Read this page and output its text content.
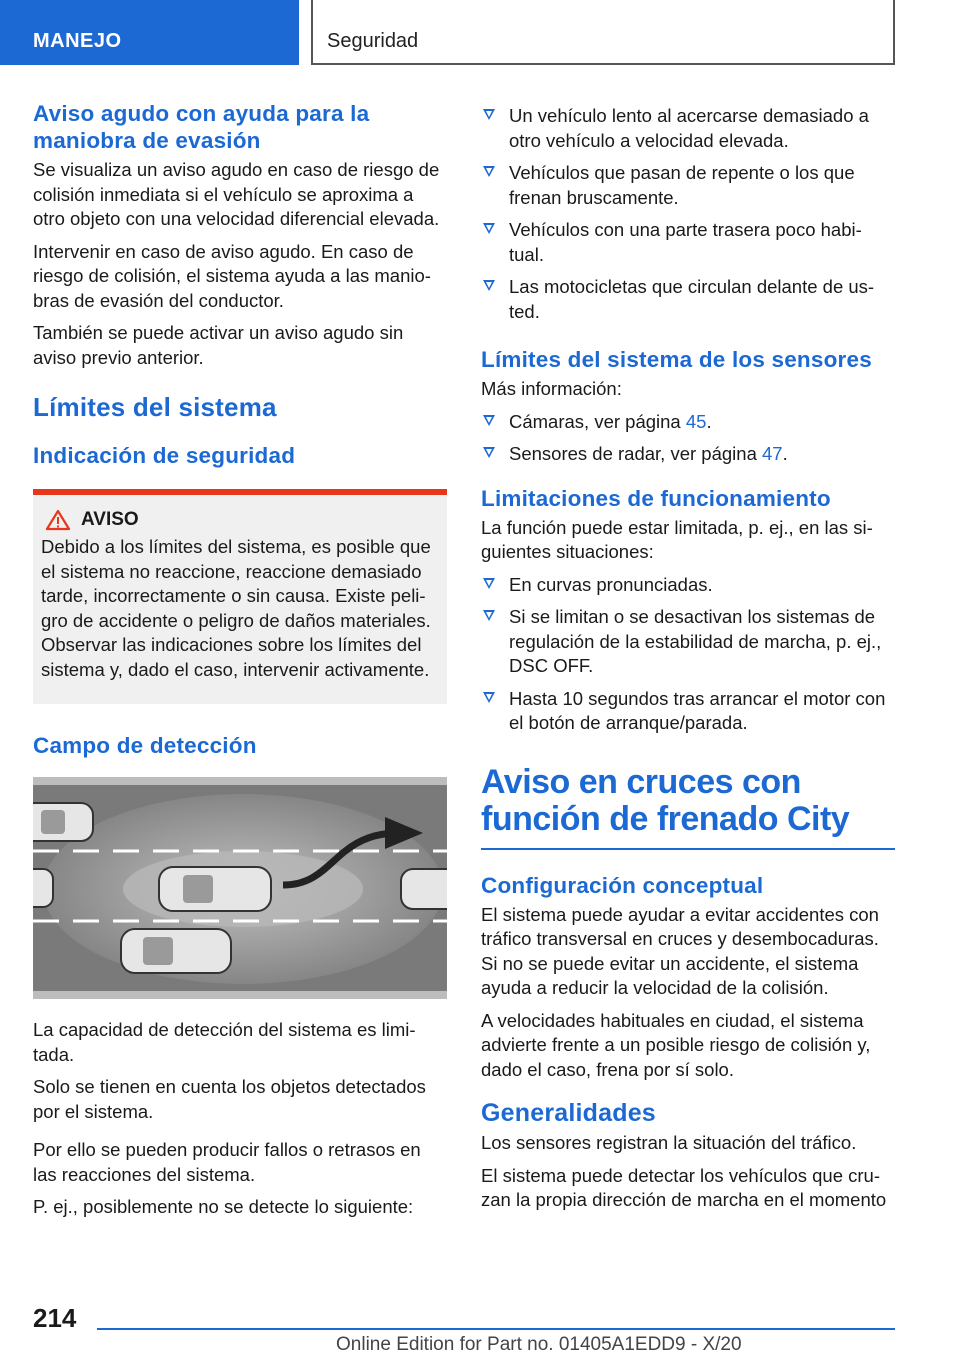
MANEJO	Seguridad
Aviso agudo con ayuda para la maniobra de evasión

Se visualiza un aviso agudo en caso de riesgo de colisión inmediata si el vehículo se aproxima a otro objeto con una velocidad diferencial elevada.

Intervenir en caso de aviso agudo. En caso de riesgo de colisión, el sistema ayuda a las manio‐ bras de evasión del conductor.

También se puede activar un aviso agudo sin aviso previo anterior.

Límites del sistema
Indicación de seguridad
AVISO

Debido a los límites del sistema, es posible que el sistema no reaccione, reaccione demasiado tarde, incorrectamente o sin causa. Existe peli‐ gro de accidente o peligro de daños materiales. Observar las indicaciones sobre los límites del sistema y, dado el caso, intervenir activamente.

Campo de detección

La capacidad de detección del sistema es limi‐ tada.

Solo se tienen en cuenta los objetos detectados por el sistema.

Por ello se pueden producir fallos o retrasos en las reacciones del sistema.

P. ej., posiblemente no se detecte lo siguiente:

Un vehículo lento al acercarse demasiado a otro vehículo a velocidad elevada.
Vehículos que pasan de repente o los que frenan bruscamente.
Vehículos con una parte trasera poco habi‐ tual.
Las motocicletas que circulan delante de us‐ ted.
Límites del sistema de los sensores

Más información:

Cámaras, ver página 45.
Sensores de radar, ver página 47.
Limitaciones de funcionamiento

La función puede estar limitada, p. ej., en las si‐ guientes situaciones:

En curvas pronunciadas.
Si se limitan o se desactivan los sistemas de regulación de la estabilidad de marcha, p. ej., DSC OFF.
Hasta 10 segundos tras arrancar el motor con el botón de arranque/parada.
Aviso en cruces con función de frenado City
Configuración conceptual

El sistema puede ayudar a evitar accidentes con tráfico transversal en cruces y desembocaduras. Si no se puede evitar un accidente, el sistema ayuda a reducir la velocidad de la colisión.

A velocidades habituales en ciudad, el sistema advierte frente a un posible riesgo de colisión y, dado el caso, frena por sí solo.

Generalidades

Los sensores registran la situación del tráfico.

El sistema puede detectar los vehículos que cru‐ zan la propia dirección de marcha en el momento

214
Online Edition for Part no. 01405A1EDD9 - X/20
